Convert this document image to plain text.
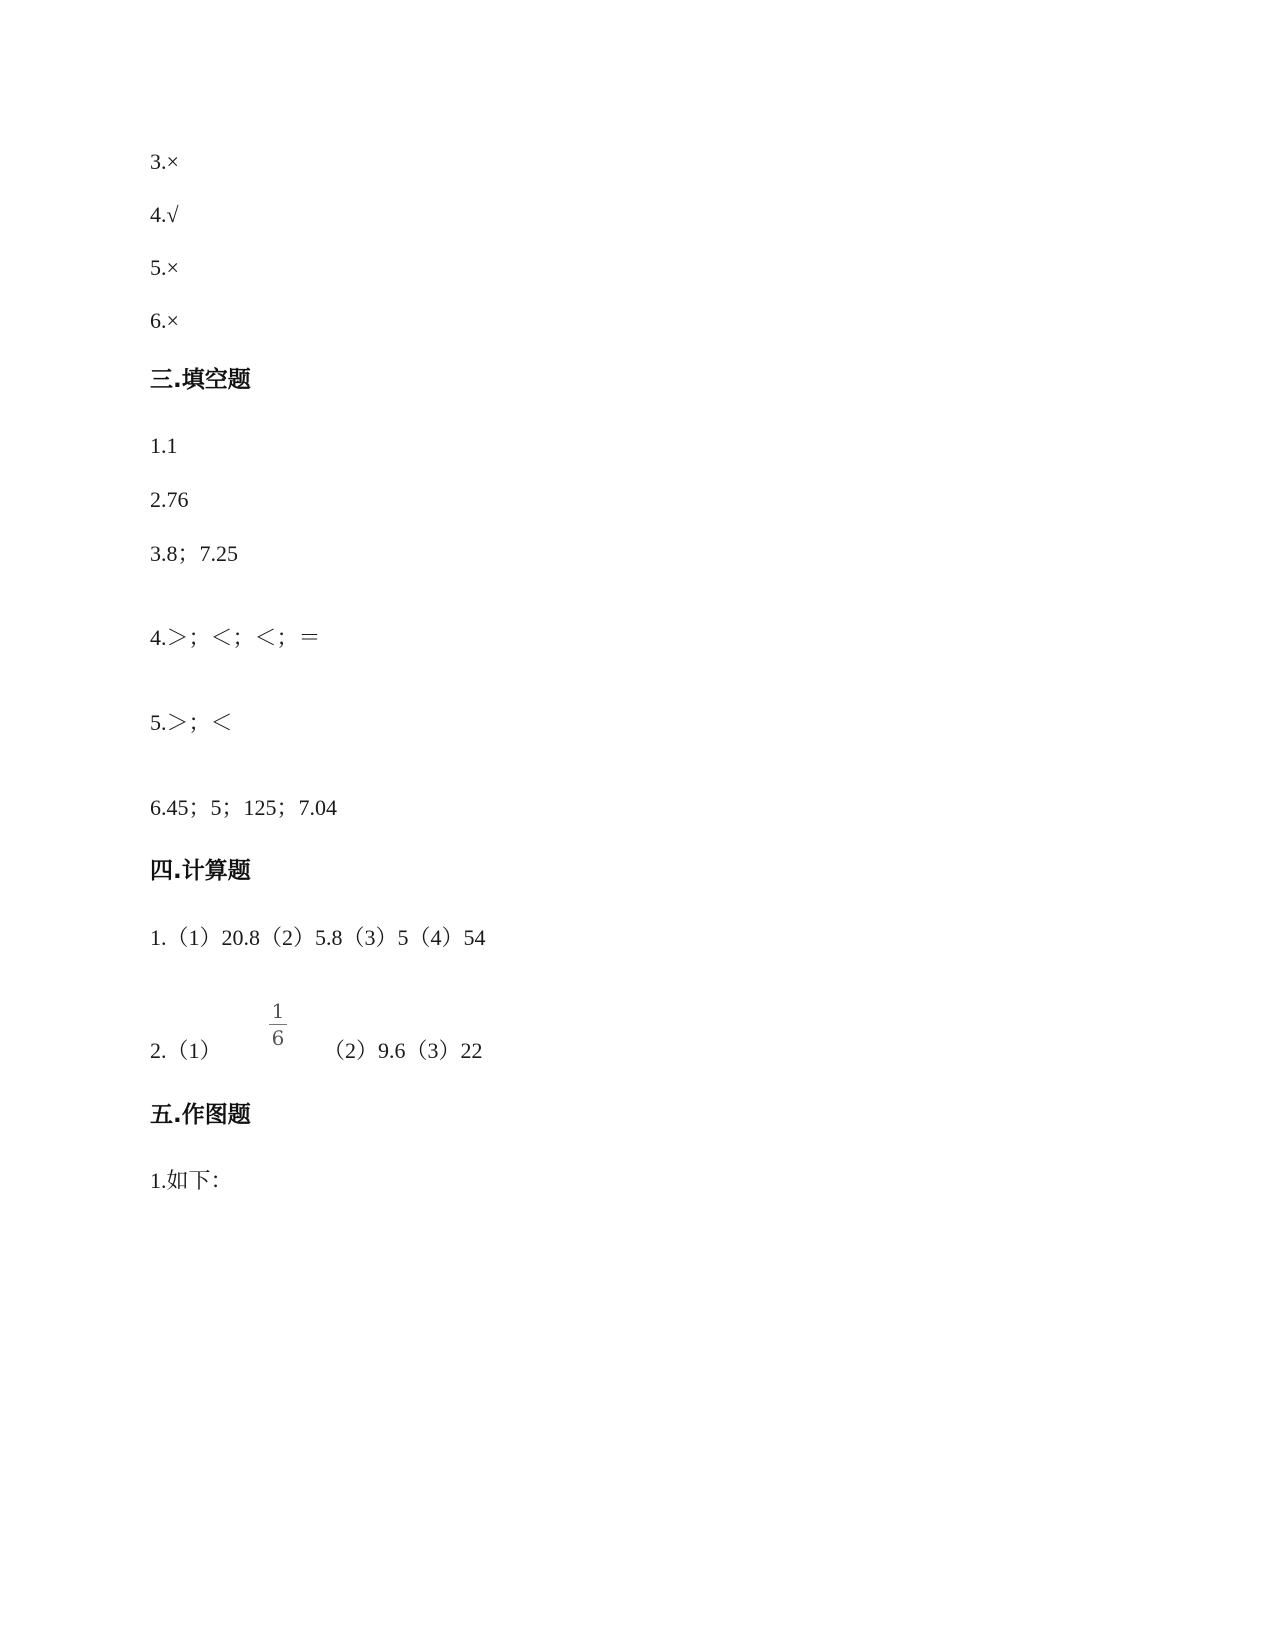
3.×
4.√
5.×
6.×
三.填空题
1.1
2.76
3.8；7.25
4.＞；＜；＜；＝
5.＞；＜
6.45；5；125；7.04
四.计算题
1.（1）20.8（2）5.8（3）5（4）54
2.（1）
1
6 （2）9.6（3）22
五.作图题
1.如下：
